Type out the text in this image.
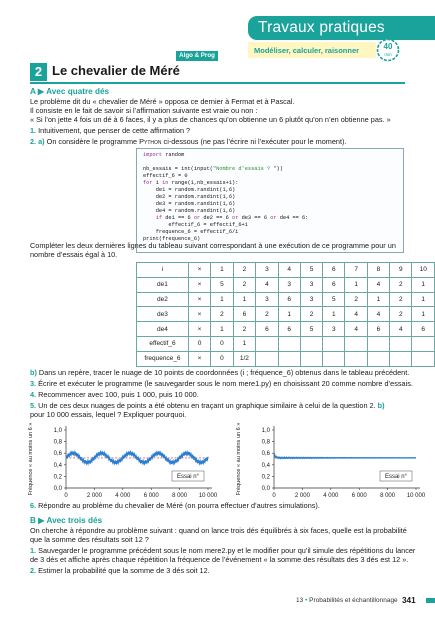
Travaux pratiques
Modéliser, calculer, raisonner
Algo & Prog
40
min
2 Le chevalier de Méré
A ▶ Avec quatre dés
Le problème dit du « chevalier de Méré » opposa ce dernier à Fermat et à Pascal.
Il consiste en le fait de savoir si l’affirmation suivante est vraie ou non :
« Si l’on jette 4 fois un dé à 6 faces, il y a plus de chances qu’on obtienne un 6 plutôt qu’on n’en obtienne pas. »
1. Intuitivement, que penser de cette affirmation ?
2. a) On considère le programme Python ci-dessous (ne pas l’écrire ni l’exécuter pour le moment).
import random

nb_essais = int(input("Nombre d'essais ? "))
effectif_6 = 0
for i in range(1,nb_essais+1):
de1 = random.randint(1,6)
de2 = random.randint(1,6)
de3 = random.randint(1,6)
de4 = random.randint(1,6)
if de1 == 6 or de2 == 6 or de3 == 6 or de4 == 6:
effectif_6 = effectif_6+1
frequence_6 = effectif_6/i
print(frequence_6)
Compléter les deux dernières lignes du tableau suivant correspondant à une exécution de ce programme pour un
nombre d’essais égal à 10.
i	×	1	2	3	4	5	6	7	8	9	10
de1	×	5	2	4	3	3	6	1	4	2	1
de2	×	1	1	3	6	3	5	2	1	2	1
de3	×	2	6	2	1	2	1	4	4	2	1
de4	×	1	2	6	6	5	3	4	6	4	6
effectif_6	0	0	1								
frequence_6	×	0	1/2								
b) Dans un repère, tracer le nuage de 10 points de coordonnées (i ; fréquence_6) obtenus dans le tableau précédent.
3. Écrire et exécuter le programme (le sauvegarder sous le nom mere1.py) en choisissant 20 comme nombre d’essais.
4. Recommencer avec 100, puis 1 000, puis 10 000.
5. Un de ces deux nuages de points a été obtenu en traçant un graphique similaire à celui de la question 2. b)
pour 10 000 essais, lequel ? Expliquer pourquoi.
Fréquence « au moins un 6 »	0,0
0,2
0,4
0,6
0,8
1,0
0	2 000 4 000 6 000 8 000 10 000
Essai n°	Fréquence « au moins un 6 »	0,0
0,2
0,4
0,6
0,8
1,0
0	2 000 4 000 6 000 8 000 10 000
Essai n°
6. Répondre au problème du chevalier de Méré (on pourra effectuer d’autres simulations).
B ▶ Avec trois dés
On cherche à répondre au problème suivant : quand on lance trois dés équilibrés à six faces, quelle est la probabilité
que la somme des résultats soit 12 ?
1. Sauvegarder le programme précédent sous le nom mere2.py et le modifier pour qu’il simule des répétitions du lancer
de 3 dés et affiche après chaque répétition la fréquence de l’événement « la somme des résultats des 3 dés est 12 ».
2. Estimer la probabilité que la somme de 3 dés soit 12.
13 • Probabilités et échantillonnage 341
